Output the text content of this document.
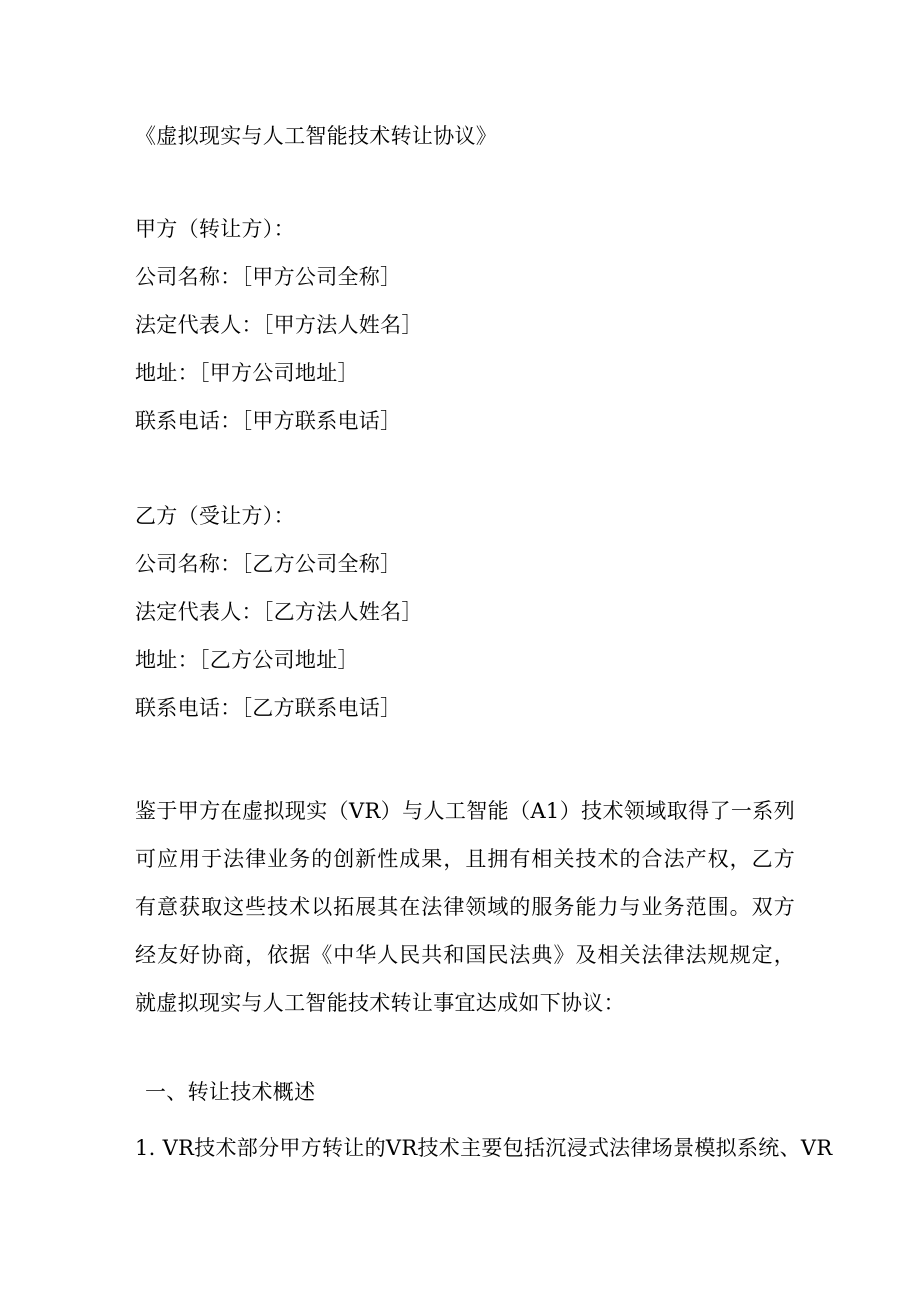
《虚拟现实与人工智能技术转让协议》
甲方（转让方）：
公司名称：［甲方公司全称］
法定代表人：［甲方法人姓名］
地址：［甲方公司地址］
联系电话：［甲方联系电话］
乙方（受让方）：
公司名称：［乙方公司全称］
法定代表人：［乙方法人姓名］
地址：［乙方公司地址］
联系电话：［乙方联系电话］
鉴于甲方在虚拟现实（VR）与人工智能（A1）技术领域取得了一系列可应用于法律业务的创新性成果，且拥有相关技术的合法产权，乙方有意获取这些技术以拓展其在法律领域的服务能力与业务范围。双方经友好协商，依据《中华人民共和国民法典》及相关法律法规规定，就虚拟现实与人工智能技术转让事宜达成如下协议：
一、转让技术概述
1. VR技术部分甲方转让的VR技术主要包括沉浸式法律场景模拟系统、VR
